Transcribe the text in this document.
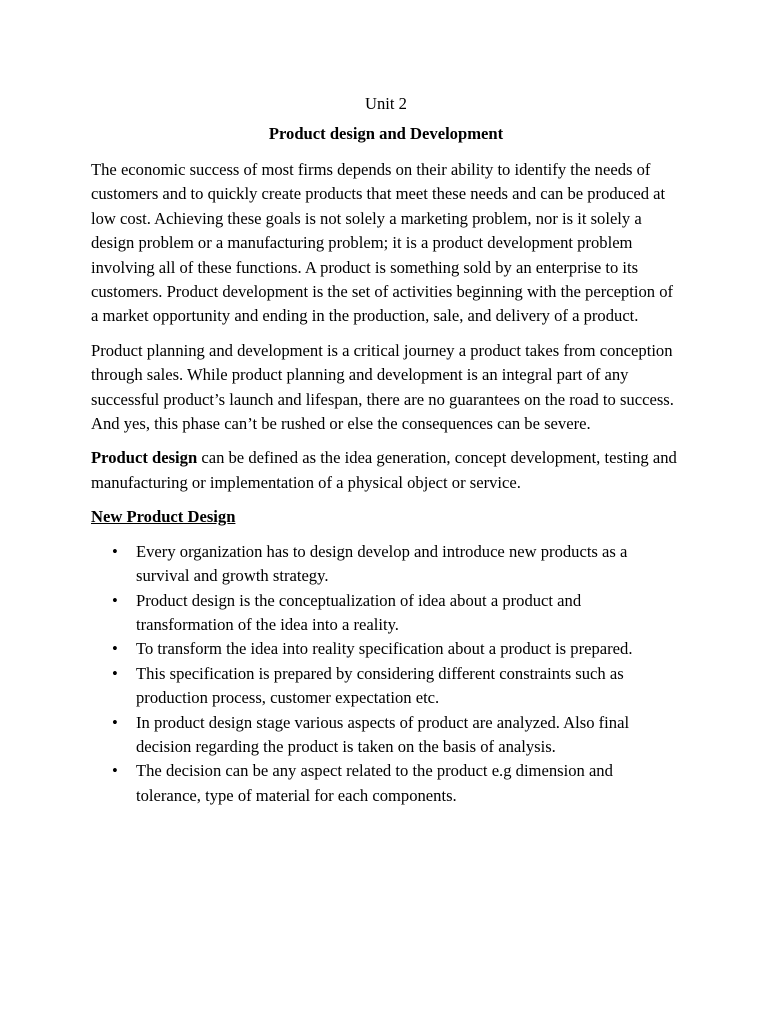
Unit 2
Product design and Development

The economic success of most firms depends on their ability to identify the needs of customers and to quickly create products that meet these needs and can be produced at low cost. Achieving these goals is not solely a marketing problem, nor is it solely a design problem or a manufacturing problem; it is a product development problem involving all of these functions. A product is something sold by an enterprise to its customers. Product development is the set of activities beginning with the perception of a market opportunity and ending in the production, sale, and delivery of a product.

Product planning and development is a critical journey a product takes from conception through sales. While product planning and development is an integral part of any successful product’s launch and lifespan, there are no guarantees on the road to success. And yes, this phase can’t be rushed or else the consequences can be severe.

Product design can be defined as the idea generation, concept development, testing and manufacturing or implementation of a physical object or service.

New Product Design
• Every organization has to design develop and introduce new products as a survival and growth strategy.
• Product design is the conceptualization of idea about a product and transformation of the idea into a reality.
• To transform the idea into reality specification about a product is prepared.
• This specification is prepared by considering different constraints such as production process, customer expectation etc.
• In product design stage various aspects of product are analyzed. Also final decision regarding the product is taken on the basis of analysis.
• The decision can be any aspect related to the product e.g dimension and tolerance, type of material for each components.
